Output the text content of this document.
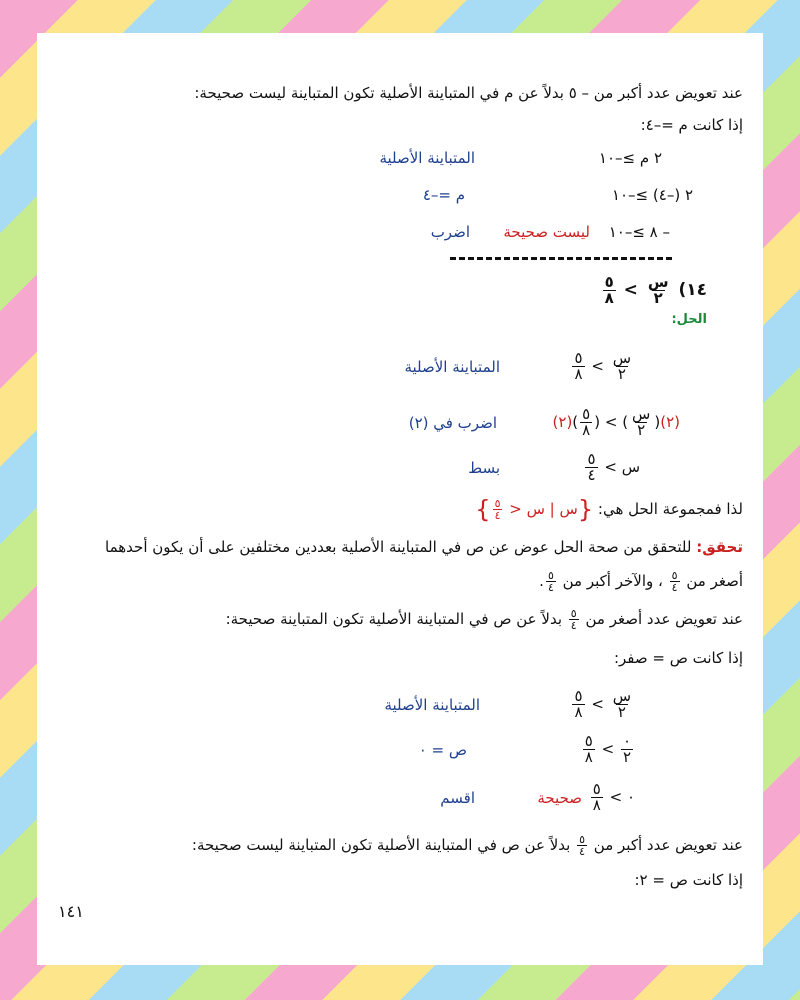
عند تعويض عدد أكبر من – ٥ بدلاً عن م في المتباينة الأصلية تكون المتباينة ليست صحيحة:
إذا كانت م =–٤:
٢ م ≥–١٠
المتباينة الأصلية
٢ (–٤) ≥–١٠
م =–٤
– ٨ ≥–١٠
ليست صحيحة
اضرب
١٤)
$\frac{\text{س}}{٢}$
>
$\frac{٥}{٨}$
الحل:
$\frac{\text{س}}{٢}$
>
$\frac{٥}{٨}$
المتباينة الأصلية
(٢)(
$\frac{\text{س}}{٢}$
) > (
$\frac{٥}{٨}$
)(٢)
اضرب في (٢)
س >
$\frac{٥}{٤}$
بسط
لذا فمجموعة الحل هي: {س | س <
$\frac{٥}{٤}$
}
تحقق: للتحقق من صحة الحل عوض عن ص في المتباينة الأصلية بعددين مختلفين على أن يكون أحدهما
أصغر من
$\frac{٥}{٤}$
، والآخر أكبر من
$\frac{٥}{٤}$
.
عند تعويض عدد أصغر من
$\frac{٥}{٤}$
بدلاً عن ص في المتباينة الأصلية تكون المتباينة صحيحة:
إذا كانت ص = صفر:
$\frac{\text{س}}{٢}$
>
$\frac{٥}{٨}$
المتباينة الأصلية
$\frac{٠}{٢}$
>
$\frac{٥}{٨}$
ص = ٠
٠ >
$\frac{٥}{٨}$
صحيحة
اقسم
عند تعويض عدد أكبر من
$\frac{٥}{٤}$
بدلاً عن ص في المتباينة الأصلية تكون المتباينة ليست صحيحة:
إذا كانت ص = ٢:
١٤١
